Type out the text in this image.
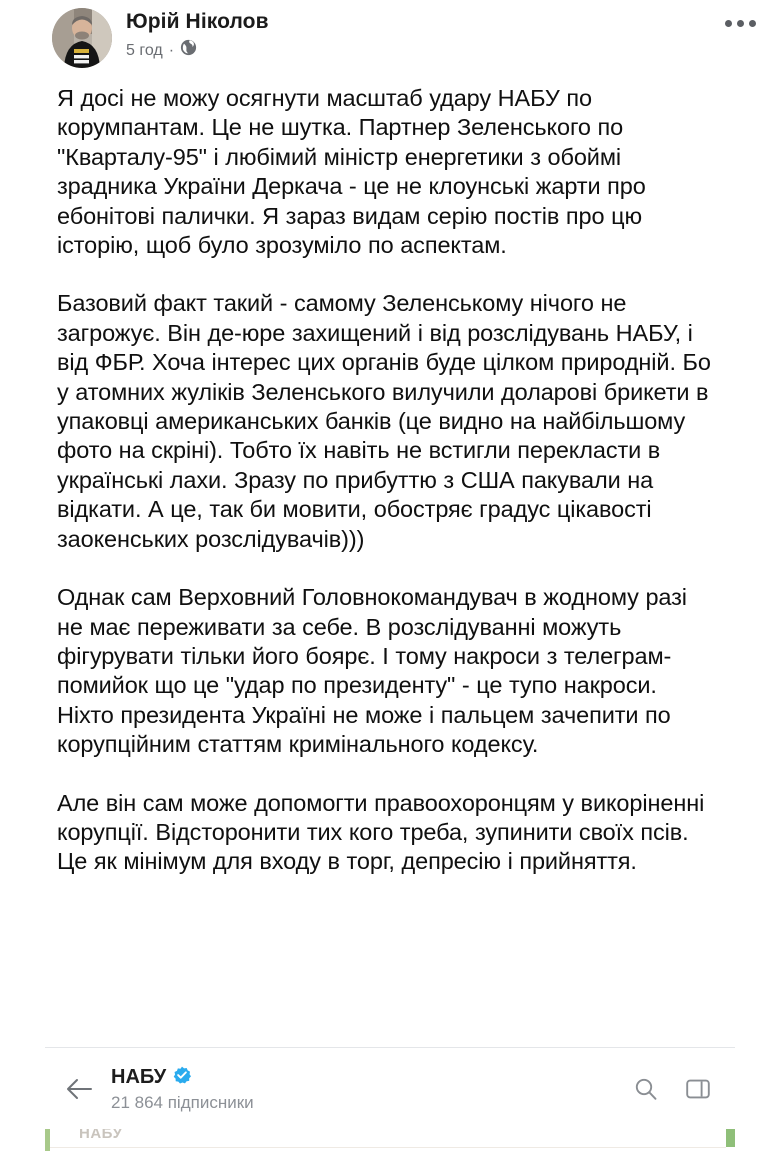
Юрій Ніколов
5 год ·

Я досі не можу осягнути масштаб удару НАБУ по корумпантам. Це не шутка. Партнер Зеленського по "Кварталу-95" і любімий міністр енергетики з обоймі зрадника України Деркача - це не клоунські жарти про ебонітові палички. Я зараз видам серію постів про цю історію, щоб було зрозуміло по аспектам.

Базовий факт такий - самому Зеленському нічого не загрожує. Він де-юре захищений і від розслідувань НАБУ, і від ФБР. Хоча інтерес цих органів буде цілком природній. Бо у атомних жуліків Зеленського вилучили доларові брикети в упаковці американських банків (це видно на найбільшому фото на скріні). Тобто їх навіть не встигли перекласти в українські лахи. Зразу по прибуттю з США пакували на відкати. А це, так би мовити, обостряє градус цікавості заокенських розслідувачів)))

Однак сам Верховний Головнокомандувач в жодному разі не має переживати за себе. В розслідуванні можуть фігурувати тільки його боярє. І тому накроси з телеграм-помийок що це "удар по президенту" - це тупо накроси. Ніхто президента Україні не може і пальцем зачепити по корупційним статтям кримінального кодексу.

Але він сам може допомогти правоохоронцям у викоріненні корупції. Відсторонити тих кого треба, зупинити своїх псів. Це як мінімум для входу в торг, депресію і прийняття.

НАБУ
21 864 підписники
НАБУ
